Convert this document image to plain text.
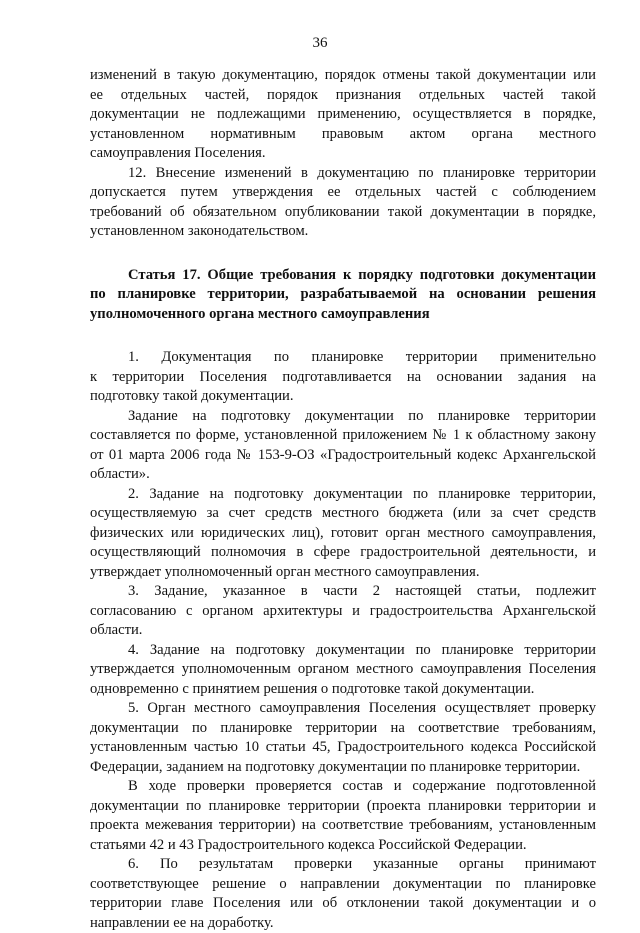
36

изменений в такую документацию, порядок отмены такой документации или
ее отдельных частей, порядок признания отдельных частей такой
документации не подлежащими применению, осуществляется в порядке,
установленном нормативным правовым актом органа местного
самоуправления Поселения.

12. Внесение изменений в документацию по планировке территории
допускается путем утверждения ее отдельных частей с соблюдением
требований об обязательном опубликовании такой документации в порядке,
установленном законодательством.

Статья 17. Общие требования к порядку подготовки документации
по планировке территории, разрабатываемой на основании решения
уполномоченного органа местного самоуправления

1. Документация по планировке территории применительно
к территории Поселения подготавливается на основании задания на
подготовку такой документации.

Задание на подготовку документации по планировке территории
составляется по форме, установленной приложением № 1 к областному закону
от 01 марта 2006 года № 153-9-ОЗ «Градостроительный кодекс Архангельской
области».

2. Задание на подготовку документации по планировке территории,
осуществляемую за счет средств местного бюджета (или за счет средств
физических или юридических лиц), готовит орган местного самоуправления,
осуществляющий полномочия в сфере градостроительной деятельности, и
утверждает уполномоченный орган местного самоуправления.

3. Задание, указанное в части 2 настоящей статьи, подлежит
согласованию с органом архитектуры и градостроительства Архангельской
области.

4. Задание на подготовку документации по планировке территории
утверждается уполномоченным органом местного самоуправления Поселения
одновременно с принятием решения о подготовке такой документации.

5. Орган местного самоуправления Поселения осуществляет проверку
документации по планировке территории на соответствие требованиям,
установленным частью 10 статьи 45, Градостроительного кодекса Российской
Федерации, заданием на подготовку документации по планировке территории.

В ходе проверки проверяется состав и содержание подготовленной
документации по планировке территории (проекта планировки территории и
проекта межевания территории) на соответствие требованиям, установленным
статьями 42 и 43 Градостроительного кодекса Российской Федерации.

6. По результатам проверки указанные органы принимают
соответствующее решение о направлении документации по планировке
территории главе Поселения или об отклонении такой документации и о
направлении ее на доработку.
